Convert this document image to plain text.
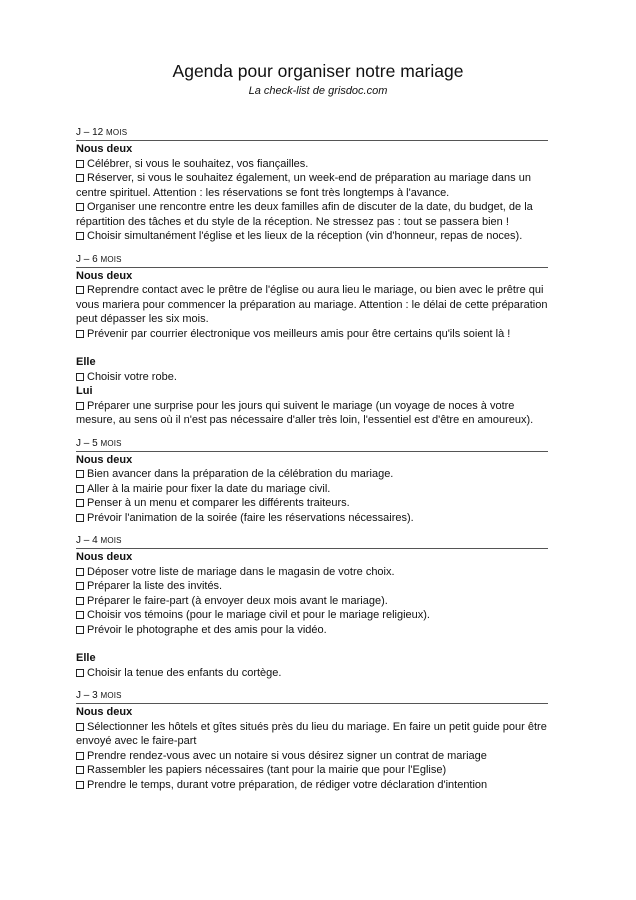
Agenda pour organiser notre mariage
La check-list de grisdoc.com
J – 12 MOIS
Nous deux
Célébrer, si vous le souhaitez, vos fiançailles.
Réserver, si vous le souhaitez également, un week-end de préparation au mariage dans un centre spirituel. Attention : les réservations se font très longtemps à l'avance.
Organiser une rencontre entre les deux familles afin de discuter de la date, du budget, de la répartition des tâches et du style de la réception. Ne stressez pas : tout se passera bien !
Choisir simultanément l'église et les lieux de la réception (vin d'honneur, repas de noces).
J – 6 MOIS
Nous deux
Reprendre contact avec le prêtre de l'église ou aura lieu le mariage, ou bien avec le prêtre qui vous mariera pour commencer la préparation au mariage. Attention : le délai de cette préparation peut dépasser les six mois.
Prévenir par courrier électronique vos meilleurs amis pour être certains qu'ils soient là !
Elle
Choisir votre robe.
Lui
Préparer une surprise pour les jours qui suivent le mariage (un voyage de noces à votre mesure, au sens où il n'est pas nécessaire d'aller très loin, l'essentiel est d'être en amoureux).
J – 5 MOIS
Nous deux
Bien avancer dans la préparation de la célébration du mariage.
Aller à la mairie pour fixer la date du mariage civil.
Penser à un menu et comparer les différents traiteurs.
Prévoir l'animation de la soirée (faire les réservations nécessaires).
J – 4 MOIS
Nous deux
Déposer votre liste de mariage dans le magasin de votre choix.
Préparer la liste des invités.
Préparer le faire-part (à envoyer deux mois avant le mariage).
Choisir vos témoins (pour le mariage civil et pour le mariage religieux).
Prévoir le photographe et des amis pour la vidéo.
Elle
Choisir la tenue des enfants du cortège.
J – 3 MOIS
Nous deux
Sélectionner les hôtels et gîtes situés près du lieu du mariage. En faire un petit guide pour être envoyé avec le faire-part
Prendre rendez-vous avec un notaire si vous désirez signer un contrat de mariage
Rassembler les papiers nécessaires (tant pour la mairie que pour l'Eglise)
Prendre le temps, durant votre préparation, de rédiger votre déclaration d'intention
